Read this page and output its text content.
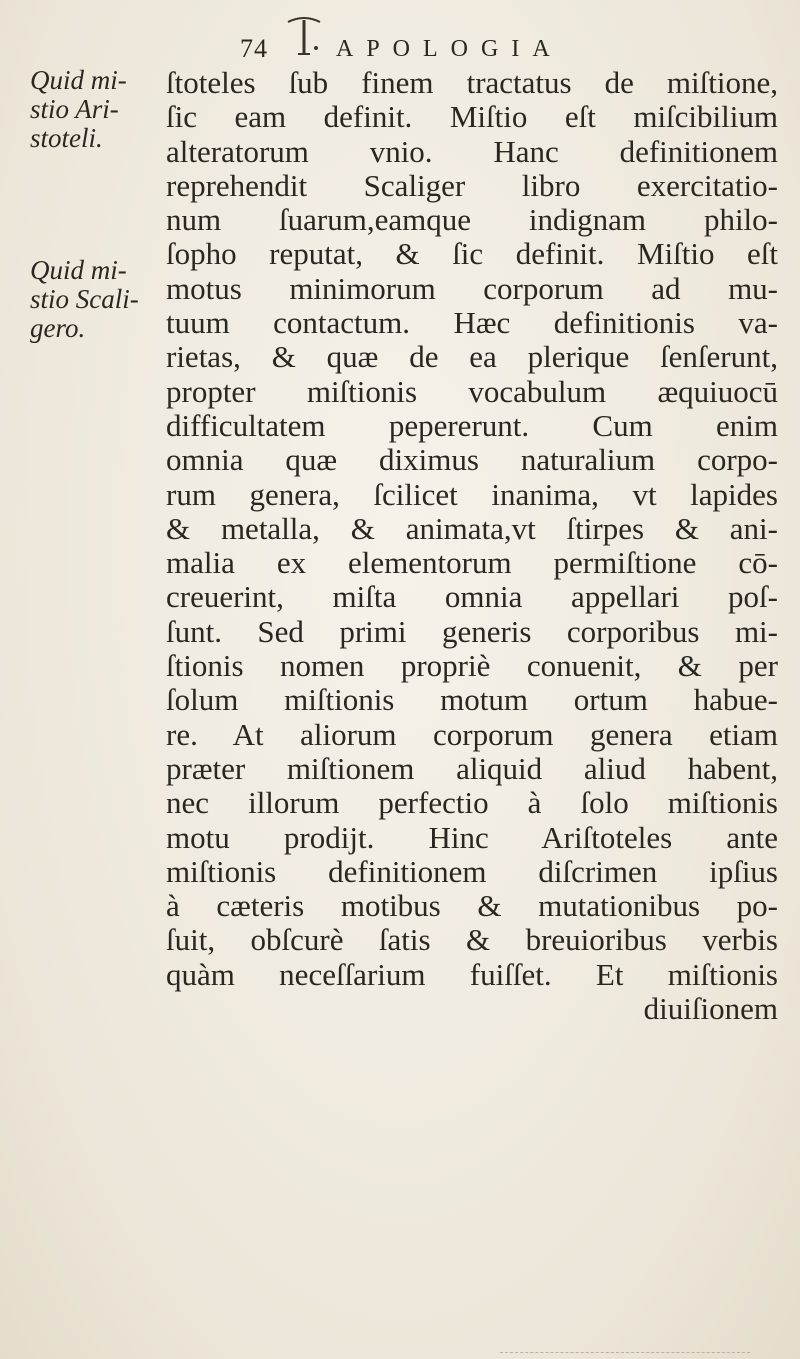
74	APOLOGIA
Quid mi-
stio Ari-
stoteli.
Quid mi-
stio Scali-
gero.
ſtoteles ſub finem tractatus de miſtione,
ſic eam definit. Miſtio eſt miſcibilium
alteratorum vnio. Hanc definitionem
reprehendit Scaliger libro exercitatio-
num ſuarum,eamque indignam philo-
ſopho reputat, & ſic definit. Miſtio eſt
motus minimorum corporum ad mu-
tuum contactum. Hæc definitionis va-
rietas, & quæ de ea plerique ſenſerunt,
propter miſtionis vocabulum æquiuocū
difficultatem pepererunt. Cum enim
omnia quæ diximus naturalium corpo-
rum genera, ſcilicet inanima, vt lapides
& metalla, & animata,vt ſtirpes & ani-
malia ex elementorum permiſtione cō-
creuerint, miſta omnia appellari poſ-
ſunt. Sed primi generis corporibus mi-
ſtionis nomen propriè conuenit, & per
ſolum miſtionis motum ortum habue-
re. At aliorum corporum genera etiam
præter miſtionem aliquid aliud habent,
nec illorum perfectio à ſolo miſtionis
motu prodijt. Hinc Ariſtoteles ante
miſtionis definitionem diſcrimen ipſius
à cæteris motibus & mutationibus po-
ſuit, obſcurè ſatis & breuioribus verbis
quàm neceſſarium fuiſſet. Et miſtionis
diuiſionem
